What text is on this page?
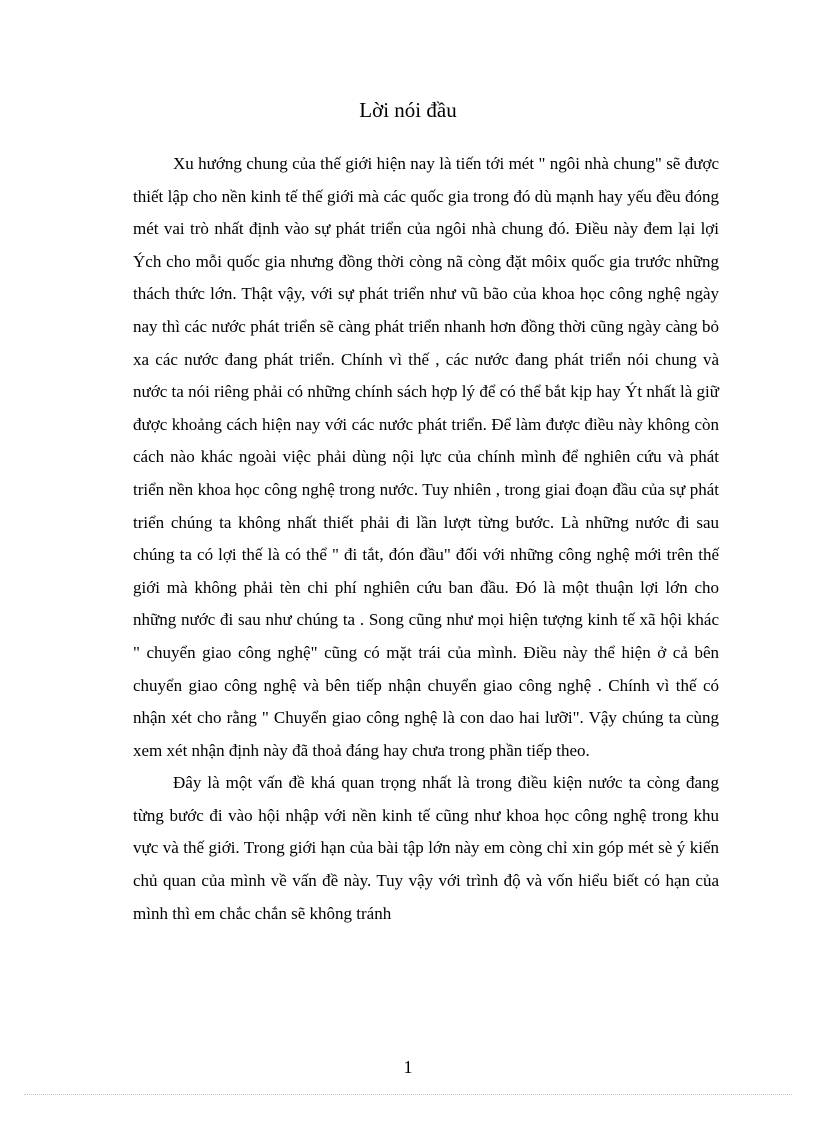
Lời nói đầu

Xu hướng chung của thế giới hiện nay là tiến tới mét " ngôi nhà chung" sẽ được thiết lập cho nền kinh tế thế giới mà các quốc gia trong đó dù mạnh hay yếu đều đóng mét vai trò nhất định vào sự phát triển của ngôi nhà chung đó. Điều này đem lại lợi Ých cho mỗi quốc gia nhưng đồng thời còng nã còng đặt môix quốc gia trước những thách thức lớn. Thật vậy, với sự phát triển như vũ bão của khoa học công nghệ ngày nay thì các nước phát triển sẽ càng phát triển nhanh hơn đồng thời cũng ngày càng bỏ xa các nước đang phát triển. Chính vì thế , các nước đang phát triển nói chung và nước ta nói riêng phải có những chính sách hợp lý để có thể bắt kịp hay Ýt nhất là giữ được khoảng cách hiện nay với các nước phát triển. Để làm được điều này không còn cách nào khác ngoài việc phải dùng nội lực của chính mình để nghiên cứu và phát triển nền khoa học công nghệ trong nước. Tuy nhiên , trong giai đoạn đầu của sự phát triển chúng ta không nhất thiết phải đi lần lượt từng bước. Là những nước đi sau chúng ta có lợi thế là có thể " đi tắt, đón đầu" đối với những công nghệ mới trên thế giới mà không phải tèn chi phí nghiên cứu ban đầu. Đó là một thuận lợi lớn cho những nước đi sau như chúng ta . Song cũng như mọi hiện tượng kinh tế xã hội khác " chuyển giao công nghệ" cũng có mặt trái của mình. Điều này thể hiện ở cả bên chuyển giao công nghệ và bên tiếp nhận chuyển giao công nghệ . Chính vì thế có nhận xét cho rằng " Chuyển giao công nghệ là con dao hai lưỡi". Vậy chúng ta cùng xem xét nhận định này đã thoả đáng hay chưa trong phần tiếp theo.

Đây là một vấn đề khá quan trọng nhất là trong điều kiện nước ta còng đang từng bước đi vào hội nhập với nền kinh tế cũng như khoa học công nghệ trong khu vực và thế giới. Trong giới hạn của bài tập lớn này em còng chỉ xin góp mét sè ý kiến chủ quan của mình về vấn đề này. Tuy vậy với trình độ và vốn hiểu biết có hạn của mình thì em chắc chắn sẽ không tránh

1
